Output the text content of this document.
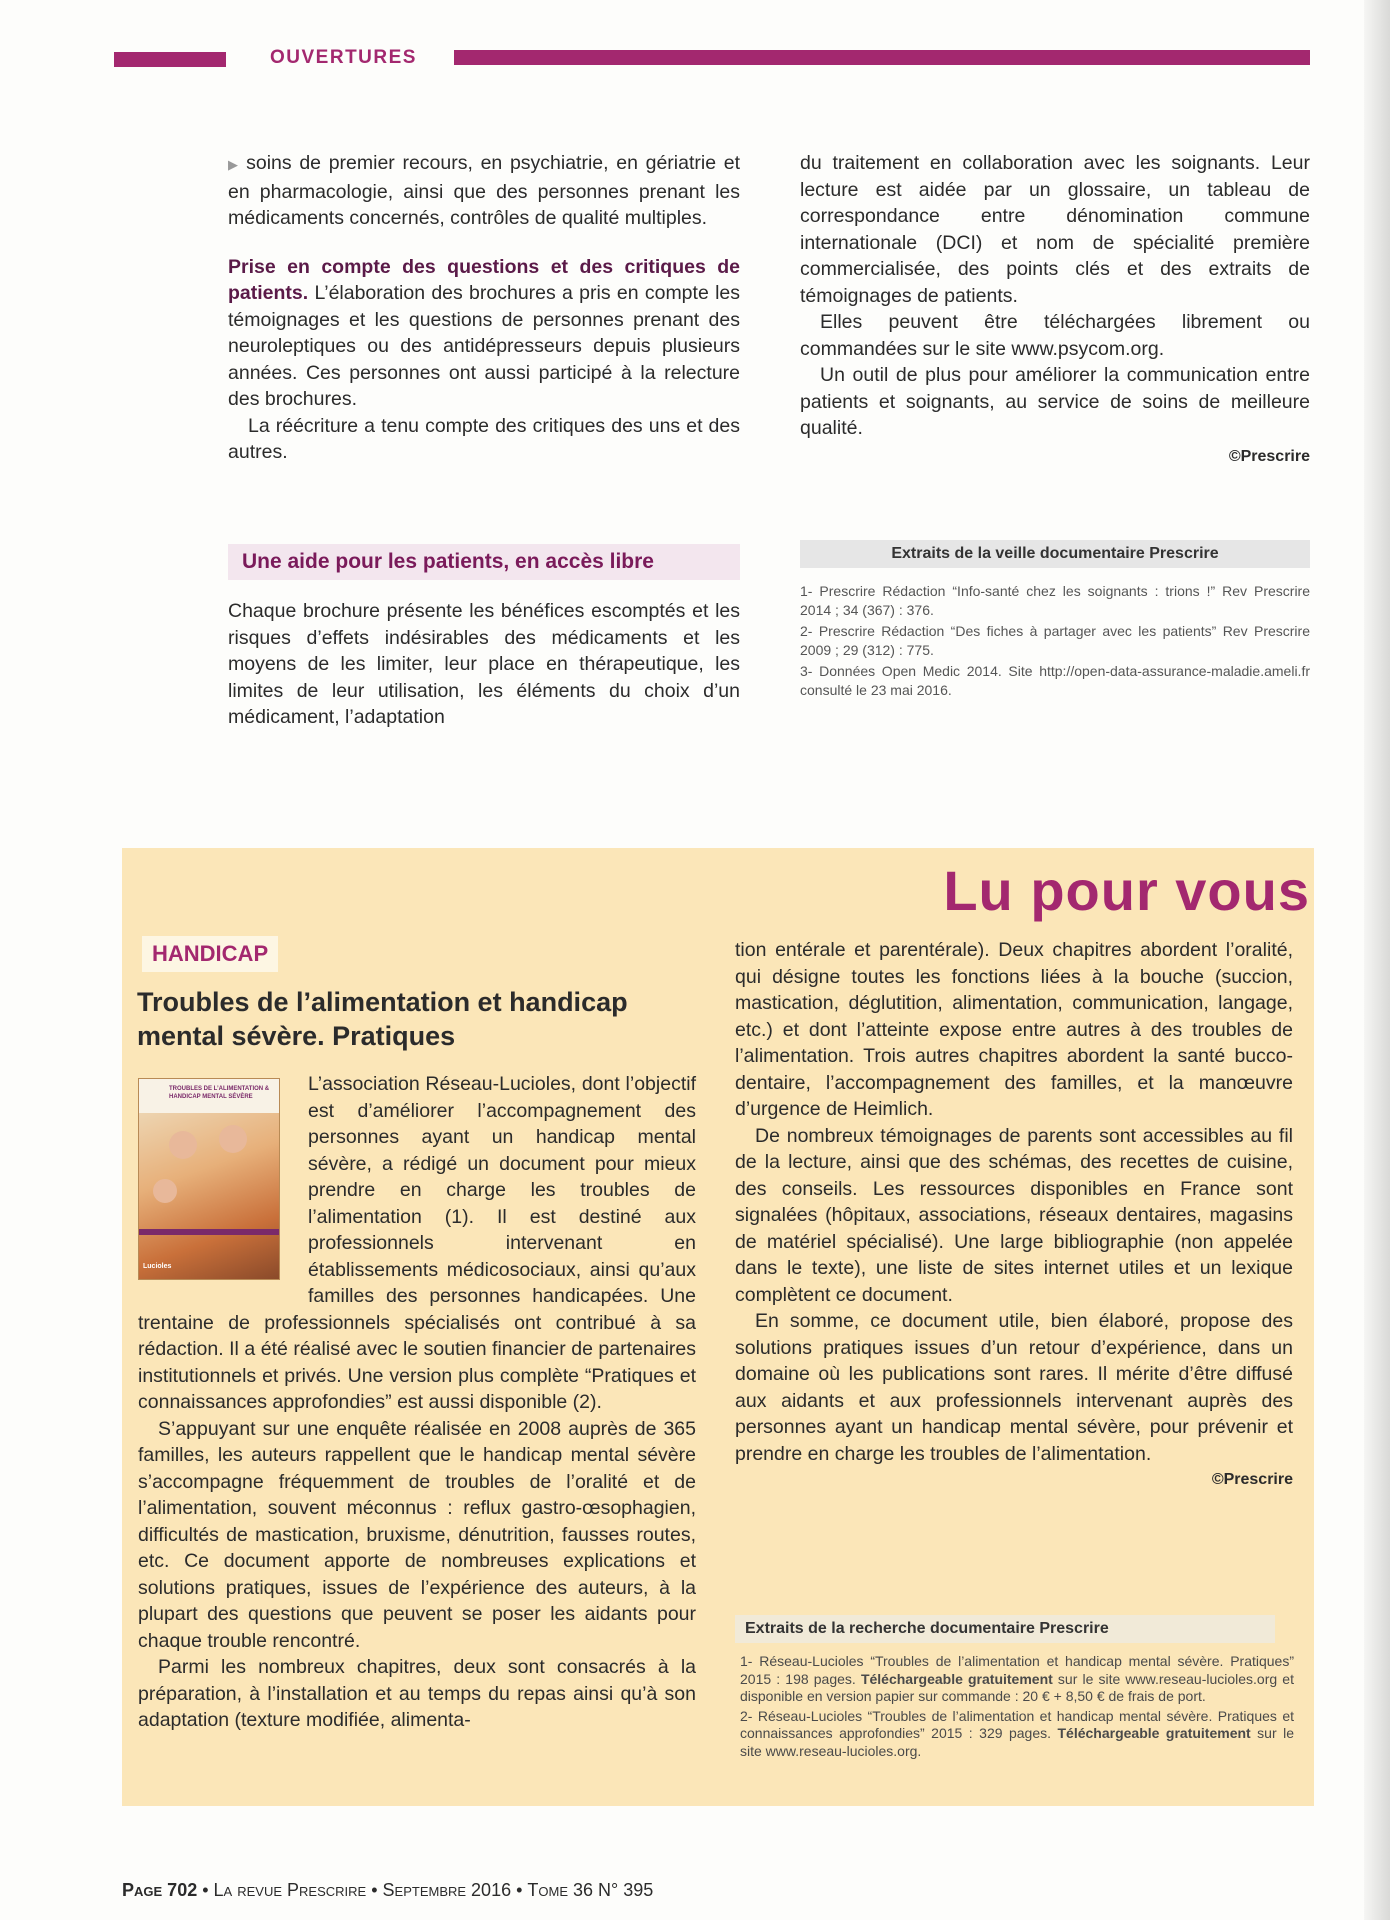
OUVERTURES

▶ soins de premier recours, en psychiatrie, en gériatrie et en pharmacologie, ainsi que des personnes prenant les médicaments concernés, contrôles de qualité multiples.

Prise en compte des questions et des critiques de patients. L’élaboration des brochures a pris en compte les témoignages et les questions de personnes prenant des neuroleptiques ou des antidépresseurs depuis plusieurs années. Ces personnes ont aussi participé à la relecture des brochures.

La réécriture a tenu compte des critiques des uns et des autres.

Une aide pour les patients, en accès libre

Chaque brochure présente les bénéfices escomptés et les risques d’effets indésirables des médicaments et les moyens de les limiter, leur place en thérapeutique, les limites de leur utilisation, les éléments du choix d’un médicament, l’adaptation

du traitement en collaboration avec les soignants. Leur lecture est aidée par un glossaire, un tableau de correspondance entre dénomination commune internationale (DCI) et nom de spécialité première commercialisée, des points clés et des extraits de témoignages de patients.

Elles peuvent être téléchargées librement ou commandées sur le site www.psycom.org.

Un outil de plus pour améliorer la communication entre patients et soignants, au service de soins de meilleure qualité.

©Prescrire

Extraits de la veille documentaire Prescrire

1- Prescrire Rédaction “Info-santé chez les soignants : trions !” Rev Prescrire 2014 ; 34 (367) : 376.

2- Prescrire Rédaction “Des fiches à partager avec les patients” Rev Prescrire 2009 ; 29 (312) : 775.

3- Données Open Medic 2014. Site http://open-data-assurance-maladie.ameli.fr consulté le 23 mai 2016.

Lu pour vous
HANDICAP
Troubles de l’alimentation et handicap mental sévère. Pratiques
TROUBLES DE L’ALIMENTATION & HANDICAP MENTAL SÉVÈRE
Lucioles

L’association Réseau-Lucioles, dont l’objectif est d’améliorer l’accompagnement des personnes ayant un handicap mental sévère, a rédigé un document pour mieux prendre en charge les troubles de l’alimentation (1). Il est destiné aux professionnels intervenant en établissements médicosociaux, ainsi qu’aux familles des personnes handicapées. Une trentaine de professionnels spécialisés ont contribué à sa rédaction. Il a été réalisé avec le soutien financier de partenaires institutionnels et privés. Une version plus complète “Pratiques et connaissances approfondies” est aussi disponible (2).

S’appuyant sur une enquête réalisée en 2008 auprès de 365 familles, les auteurs rappellent que le handicap mental sévère s’accompagne fréquemment de troubles de l’oralité et de l’alimentation, souvent méconnus : reflux gastro-œsophagien, difficultés de mastication, bruxisme, dénutrition, fausses routes, etc. Ce document apporte de nombreuses explications et solutions pratiques, issues de l’expérience des auteurs, à la plupart des questions que peuvent se poser les aidants pour chaque trouble rencontré.

Parmi les nombreux chapitres, deux sont consacrés à la préparation, à l’installation et au temps du repas ainsi qu’à son adaptation (texture modifiée, alimenta-

tion entérale et parentérale). Deux chapitres abordent l’oralité, qui désigne toutes les fonctions liées à la bouche (succion, mastication, déglutition, alimentation, communication, langage, etc.) et dont l’atteinte expose entre autres à des troubles de l’alimentation. Trois autres chapitres abordent la santé bucco-dentaire, l’accompagnement des familles, et la manœuvre d’urgence de Heimlich.

De nombreux témoignages de parents sont accessibles au fil de la lecture, ainsi que des schémas, des recettes de cuisine, des conseils. Les ressources disponibles en France sont signalées (hôpitaux, associations, réseaux dentaires, magasins de matériel spécialisé). Une large bibliographie (non appelée dans le texte), une liste de sites internet utiles et un lexique complètent ce document.

En somme, ce document utile, bien élaboré, propose des solutions pratiques issues d’un retour d’expérience, dans un domaine où les publications sont rares. Il mérite d’être diffusé aux aidants et aux professionnels intervenant auprès des personnes ayant un handicap mental sévère, pour prévenir et prendre en charge les troubles de l’alimentation.

©Prescrire

Extraits de la recherche documentaire Prescrire

1- Réseau-Lucioles “Troubles de l’alimentation et handicap mental sévère. Pratiques” 2015 : 198 pages. Téléchargeable gratuitement sur le site www.reseau-lucioles.org et disponible en version papier sur commande : 20 € + 8,50 € de frais de port.

2- Réseau-Lucioles “Troubles de l’alimentation et handicap mental sévère. Pratiques et connaissances approfondies” 2015 : 329 pages. Téléchargeable gratuitement sur le site www.reseau-lucioles.org.

Page 702 • La revue Prescrire • Septembre 2016 • Tome 36 N° 395
